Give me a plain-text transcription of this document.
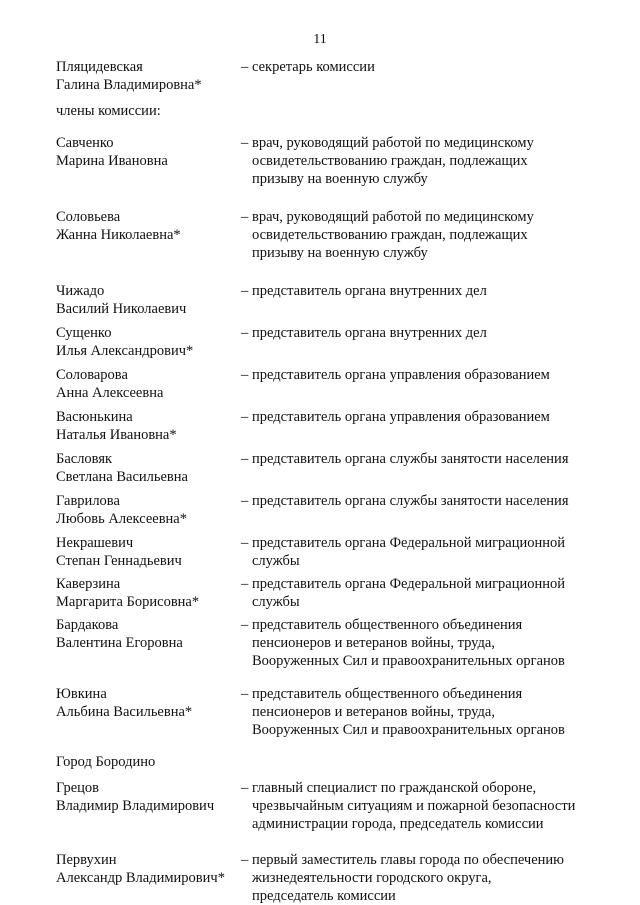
11
Пляцидевская
Галина Владимировна*
– секретарь комиссии
члены комиссии:
Савченко
Марина Ивановна
– врач, руководящий работой по медицинскому
освидетельствованию граждан, подлежащих
призыву на военную службу
Соловьева
Жанна Николаевна*
– врач, руководящий работой по медицинскому
освидетельствованию граждан, подлежащих
призыву на военную службу
Чижадо
Василий Николаевич
– представитель органа внутренних дел
Сущенко
Илья Александрович*
– представитель органа внутренних дел
Соловарова
Анна Алексеевна
– представитель органа управления образованием
Васюнькина
Наталья Ивановна*
– представитель органа управления образованием
Басловяк
Светлана Васильевна
– представитель органа службы занятости населения
Гаврилова
Любовь Алексеевна*
– представитель органа службы занятости населения
Некрашевич
Степан Геннадьевич
– представитель органа Федеральной миграционной
службы
Каверзина
Маргарита Борисовна*
– представитель органа Федеральной миграционной
службы
Бардакова
Валентина Егоровна
– представитель общественного объединения
пенсионеров и ветеранов войны, труда,
Вооруженных Сил и правоохранительных органов
Ювкина
Альбина Васильевна*
– представитель общественного объединения
пенсионеров и ветеранов войны, труда,
Вооруженных Сил и правоохранительных органов
Город Бородино
Грецов
Владимир Владимирович
– главный специалист по гражданской обороне,
чрезвычайным ситуациям и пожарной безопасности
администрации города, председатель комиссии
Первухин
Александр Владимирович*
– первый заместитель главы города по обеспечению
жизнедеятельности городского округа,
председатель комиссии
